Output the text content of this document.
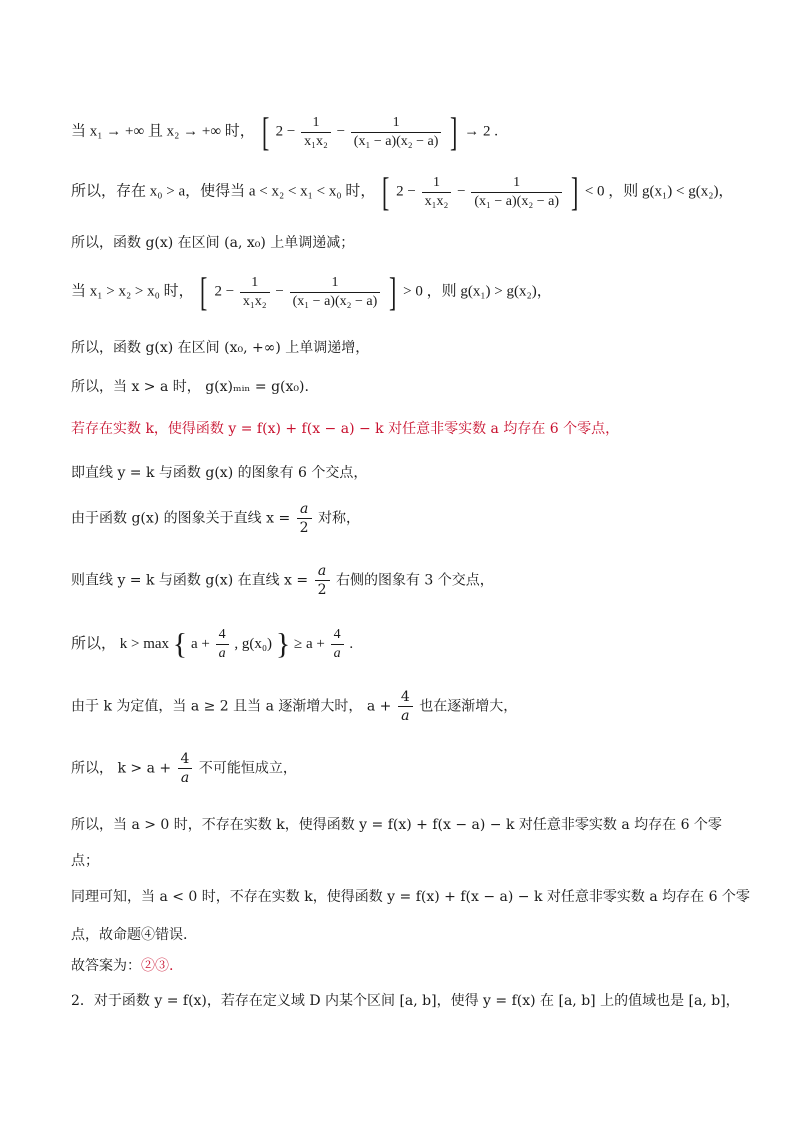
当 x₁ → +∞ 且 x₂ → +∞ 时， [ $2 - \frac{1}{\text{x₁x₂}} - \frac{1}{\text{(x₁ − a)(x₂ − a)}}$ ] → 2 .
所以，存在 x₀ > a，使得当 a < x₂ < x₁ < x₀ 时， [ $2 - \frac{1}{\text{x₁x₂}} - \frac{1}{\text{(x₁ − a)(x₂ − a)}}$ ] < 0 ，则 g(x₁) < g(x₂)，
所以，函数 g(x) 在区间 (a, x₀) 上单调递减；
当 x₁ > x₂ > x₀ 时， [ $2 - \frac{1}{\text{x₁x₂}} - \frac{1}{\text{(x₁ − a)(x₂ − a)}}$ ] > 0 ，则 g(x₁) > g(x₂)，
所以，函数 g(x) 在区间 (x₀, +∞) 上单调递增，
所以，当 x > a 时， g(x)ₘᵢₙ = g(x₀).
若存在实数 k，使得函数 y = f(x) + f(x − a) − k 对任意非零实数 a 均存在 6 个零点，
即直线 y = k 与函数 g(x) 的图象有 6 个交点，
由于函数 g(x) 的图象关于直线 $x = \frac{a}{2}$ 对称，
则直线 y = k 与函数 g(x) 在直线 $x = \frac{a}{2}$ 右侧的图象有 3 个交点，
所以， k > max { $a + \frac{4}{a}$ , g(x₀) } ≥ $a + \frac{4}{a}$ .
由于 k 为定值，当 a ≥ 2 且当 a 逐渐增大时， $a + \frac{4}{a}$ 也在逐渐增大，
所以， $k > a + \frac{4}{a}$ 不可能恒成立，
所以，当 a > 0 时，不存在实数 k，使得函数 y = f(x) + f(x − a) − k 对任意非零实数 a 均存在 6 个零
点；
同理可知，当 a < 0 时，不存在实数 k，使得函数 y = f(x) + f(x − a) − k 对任意非零实数 a 均存在 6 个零
点，故命题④错误.
故答案为：②③.
2．对于函数 y = f(x)，若存在定义域 D 内某个区间 [a, b]，使得 y = f(x) 在 [a, b] 上的值域也是 [a, b]，
